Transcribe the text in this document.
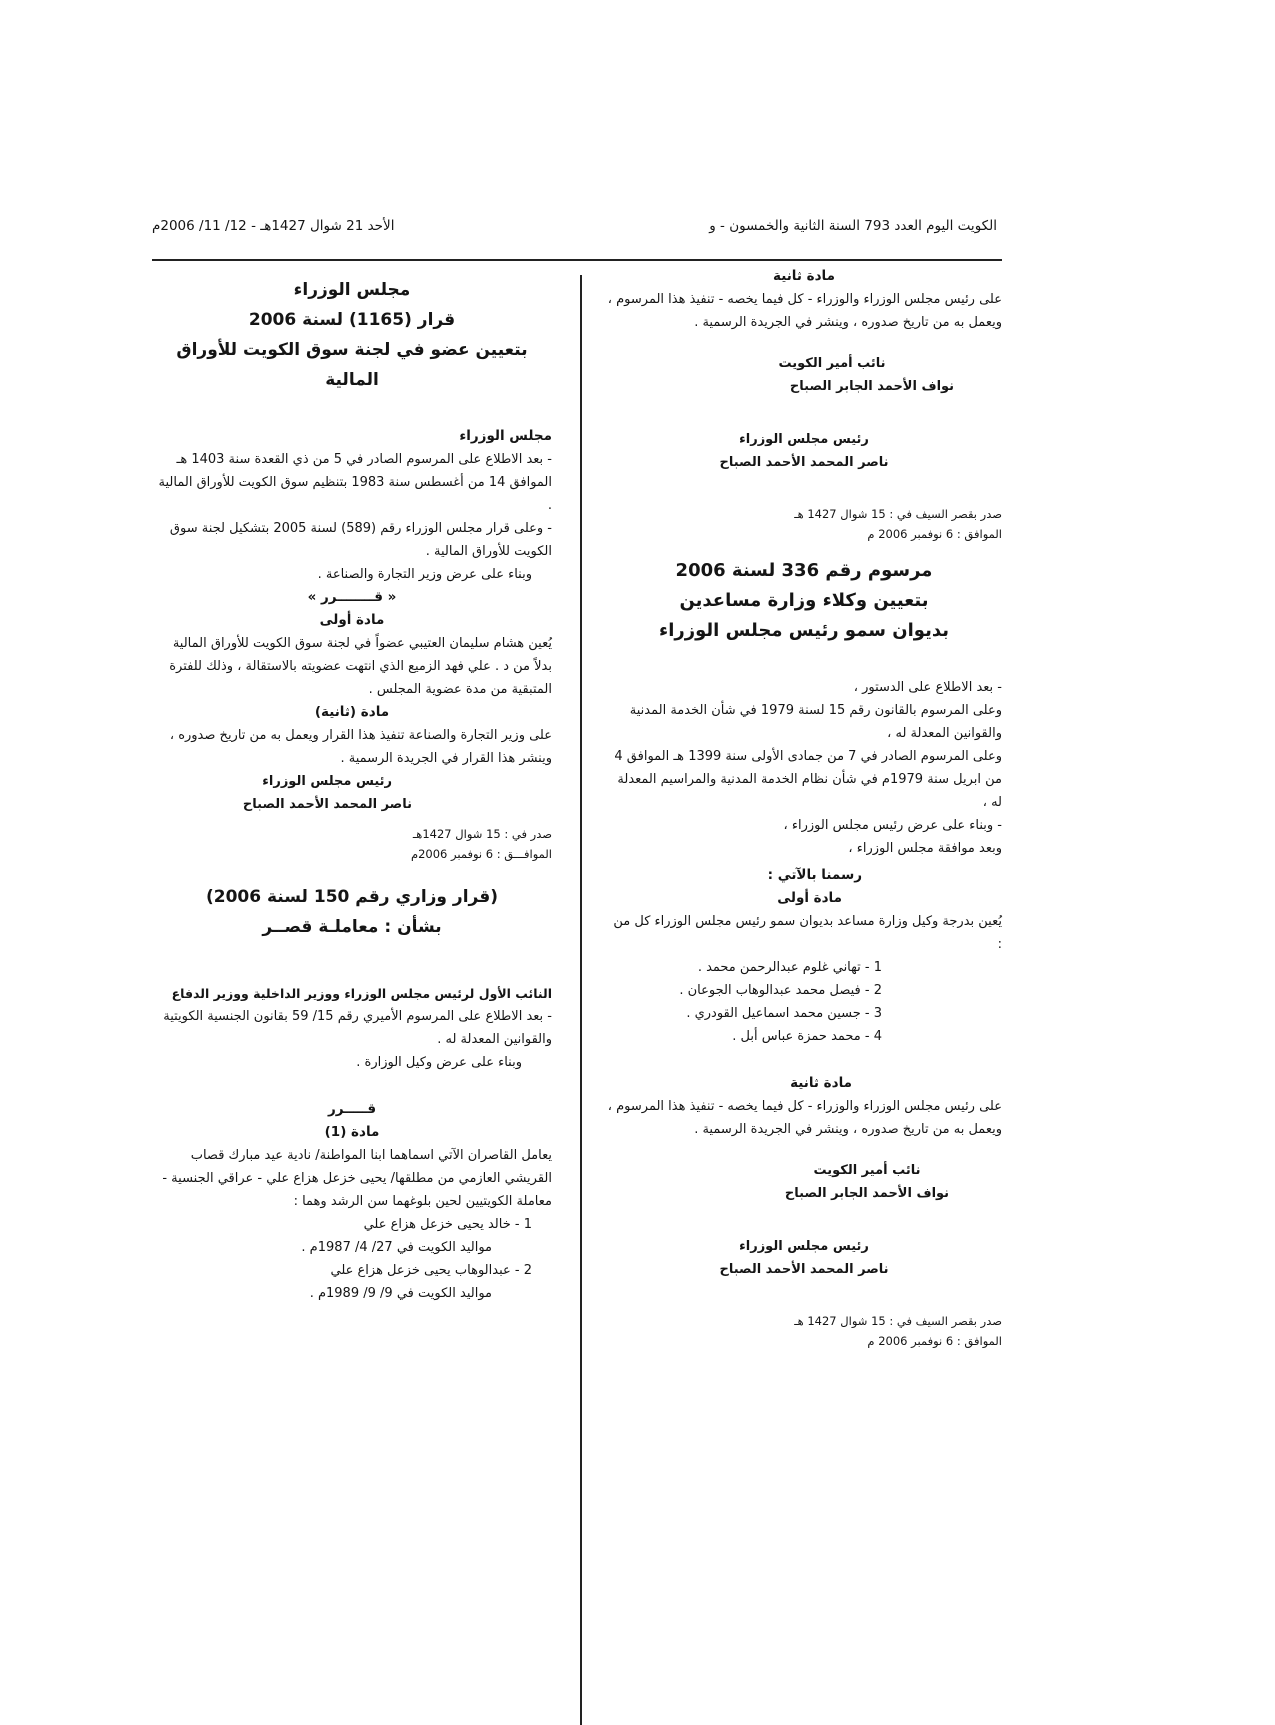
الكويت اليوم العدد 793 السنة الثانية والخمسون - و
الأحد 21 شوال 1427هـ - 12/ 11/ 2006م

مادة ثانية

على رئيس مجلس الوزراء والوزراء - كل فيما يخصه - تنفيذ هذا المرسوم ، ويعمل به من تاريخ صدوره ، وينشر في الجريدة الرسمية .

نائب أمير الكويت

نواف الأحمد الجابر الصباح

رئيس مجلس الوزراء

ناصر المحمد الأحمد الصباح

صدر بقصر السيف في : 15 شوال 1427 هـ

الموافق : 6 نوفمبر 2006 م

مرسوم رقم 336 لسنة 2006

بتعيين وكلاء وزارة مساعدين

بديوان سمو رئيس مجلس الوزراء

- بعد الاطلاع على الدستور ،

وعلى المرسوم بالقانون رقم 15 لسنة 1979 في شأن الخدمة المدنية والقوانين المعدلة له ،

وعلى المرسوم الصادر في 7 من جمادى الأولى سنة 1399 هـ الموافق 4 من ابريل سنة 1979م في شأن نظام الخدمة المدنية والمراسيم المعدلة له ،

- وبناء على عرض رئيس مجلس الوزراء ،

وبعد موافقة مجلس الوزراء ،

رسمنا بالآتي :

مادة أولى

يُعين بدرجة وكيل وزارة مساعد بديوان سمو رئيس مجلس الوزراء كل من :

1 - تهاني غلوم عبدالرحمن محمد .

2 - فيصل محمد عبدالوهاب الجوعان .

3 - جسين محمد اسماعيل القودري .

4 - محمد حمزة عباس أبل .

مادة ثانية

على رئيس مجلس الوزراء والوزراء - كل فيما يخصه - تنفيذ هذا المرسوم ، ويعمل به من تاريخ صدوره ، وينشر في الجريدة الرسمية .

نائب أمير الكويت

نواف الأحمد الجابر الصباح

رئيس مجلس الوزراء

ناصر المحمد الأحمد الصباح

صدر بقصر السيف في : 15 شوال 1427 هـ

الموافق : 6 نوفمبر 2006 م

مجلس الوزراء

قرار (1165) لسنة 2006

بتعيين عضو في لجنة سوق الكويت للأوراق المالية

مجلس الوزراء

- بعد الاطلاع على المرسوم الصادر في 5 من ذي القعدة سنة 1403 هـ الموافق 14 من أغسطس سنة 1983 بتنظيم سوق الكويت للأوراق المالية .

- وعلى قرار مجلس الوزراء رقم (589) لسنة 2005 بتشكيل لجنة سوق الكويت للأوراق المالية .

وبناء على عرض وزير التجارة والصناعة .

« قــــــــرر »

مادة أولى

يُعين هشام سليمان العتيبي عضواً في لجنة سوق الكويت للأوراق المالية بدلاً من د . علي فهد الزميع الذي انتهت عضويته بالاستقالة ، وذلك للفترة المتبقية من مدة عضوية المجلس .

مادة (ثانية)

على وزير التجارة والصناعة تنفيذ هذا القرار ويعمل به من تاريخ صدوره ، وينشر هذا القرار في الجريدة الرسمية .

رئيس مجلس الوزراء

ناصر المحمد الأحمد الصباح

صدر في : 15 شوال 1427هـ

الموافـــق : 6 نوفمبر 2006م

(قرار وزاري رقم 150 لسنة 2006)

بشأن : معاملـة قصــر

النائب الأول لرئيس مجلس الوزراء ووزير الداخلية ووزير الدفاع

- بعد الاطلاع على المرسوم الأميري رقم 15/ 59 بقانون الجنسية الكويتية والقوانين المعدلة له .

وبناء على عرض وكيل الوزارة .

قـــــرر

مادة (1)

يعامل القاصران الآتي اسماهما ابنا المواطنة/ نادية عيد مبارك قصاب القريشي العازمي من مطلقها/ يحيى خزعل هزاع علي - عراقي الجنسية - معاملة الكويتيين لحين بلوغهما سن الرشد وهما :

1 - خالد يحيى خزعل هزاع علي

مواليد الكويت في 27/ 4/ 1987م .

2 - عبدالوهاب يحيى خزعل هزاع علي

مواليد الكويت في 9/ 9/ 1989م .
